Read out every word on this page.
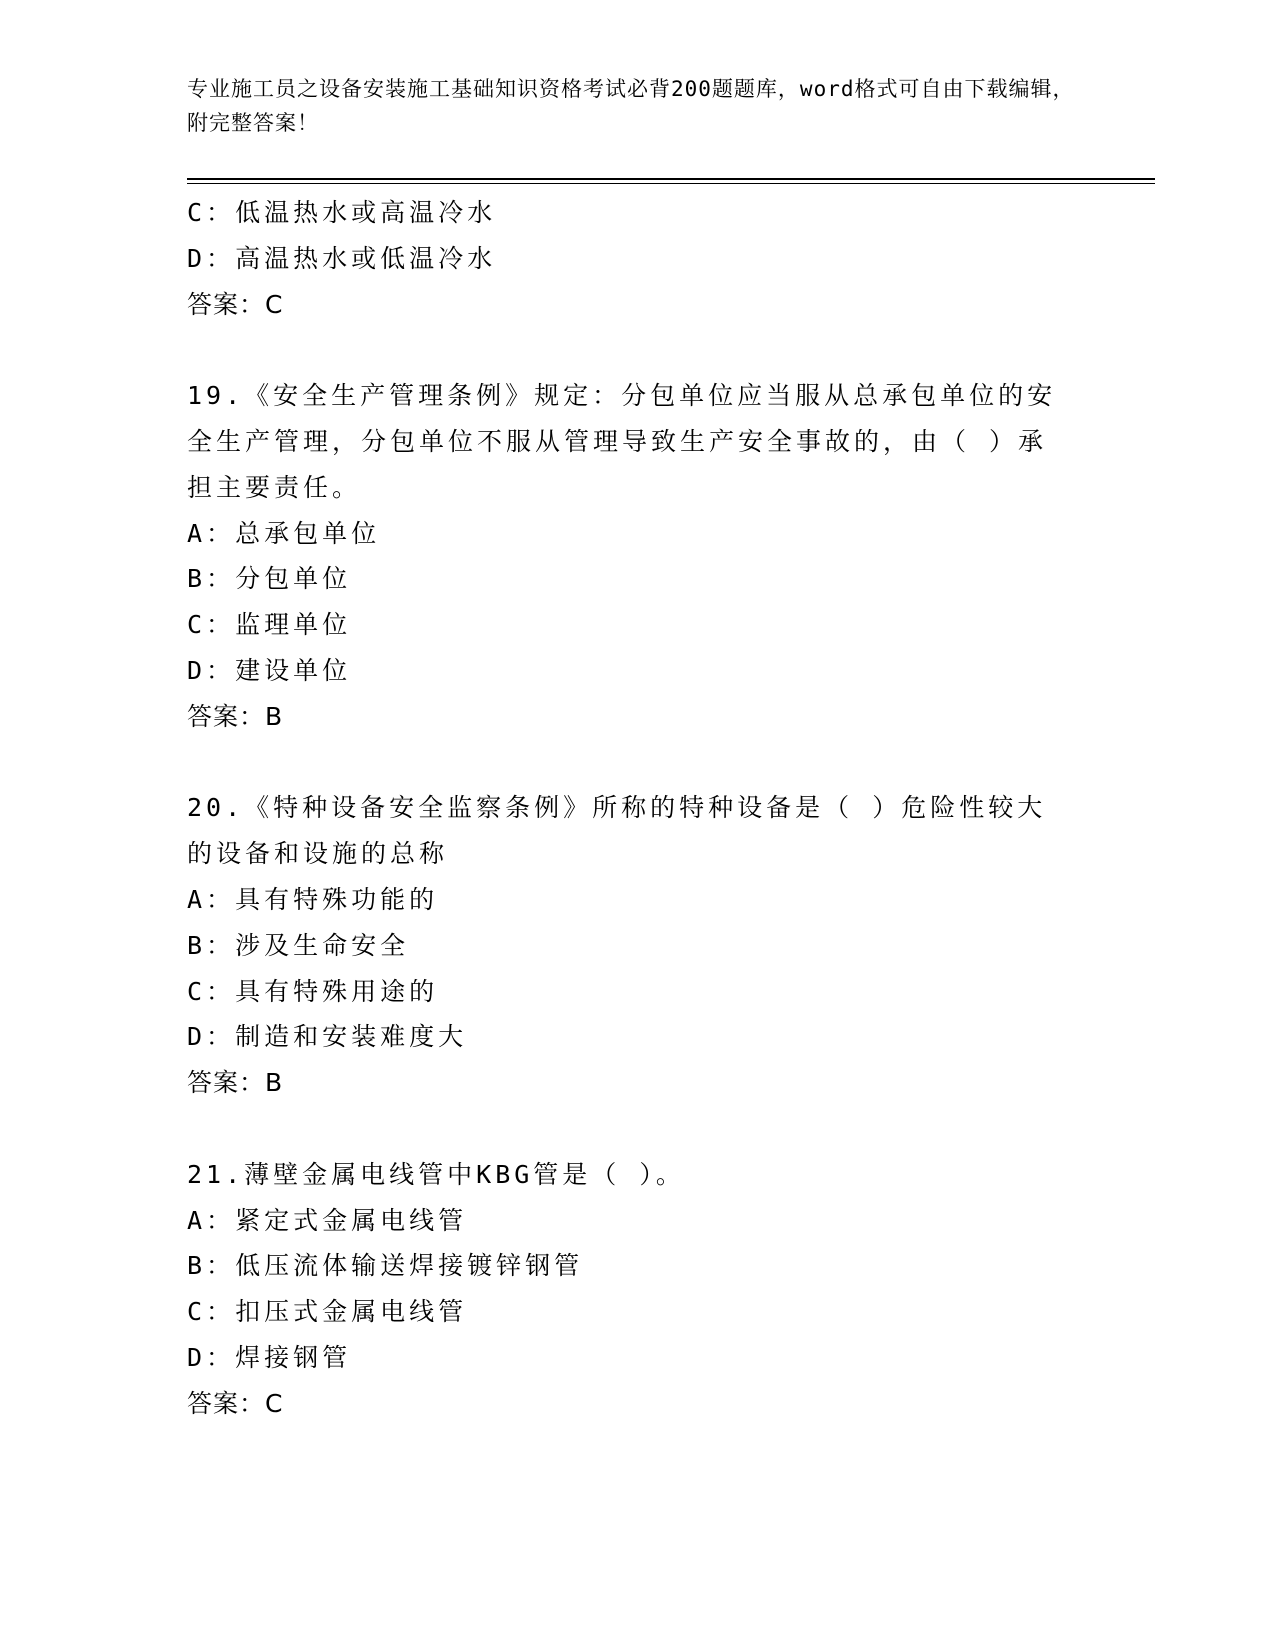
专业施工员之设备安装施工基础知识资格考试必背200题题库，word格式可自由下载编辑，附完整答案！
C：低温热水或高温冷水
D：高温热水或低温冷水
答案：C
19.《安全生产管理条例》规定：分包单位应当服从总承包单位的安全生产管理，分包单位不服从管理导致生产安全事故的，由（ ）承担主要责任。
A：总承包单位
B：分包单位
C：监理单位
D：建设单位
答案：B
20.《特种设备安全监察条例》所称的特种设备是（ ）危险性较大的设备和设施的总称
A：具有特殊功能的
B：涉及生命安全
C：具有特殊用途的
D：制造和安装难度大
答案：B
21.薄壁金属电线管中KBG管是（ ）。
A：紧定式金属电线管
B：低压流体输送焊接镀锌钢管
C：扣压式金属电线管
D：焊接钢管
答案：C
